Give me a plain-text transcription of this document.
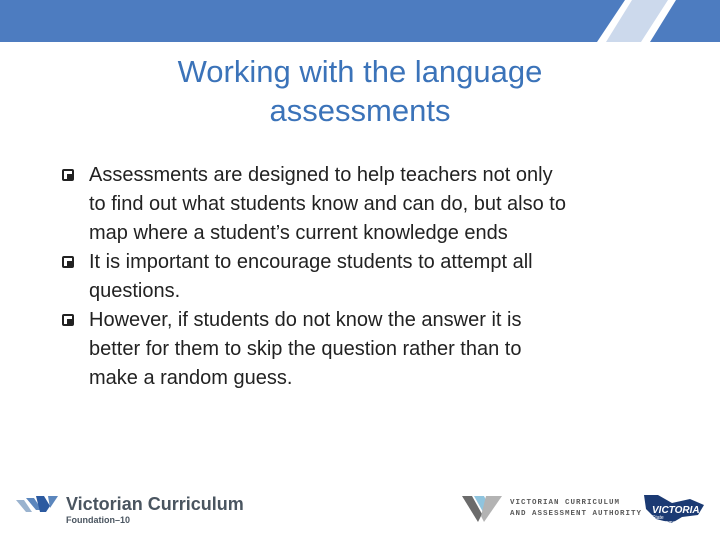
Working with the language
assessments
Assessments are designed to help teachers not only
to find out what students know and can do, but also to
map where a student’s current knowledge ends
It is important to encourage students to attempt all
questions.
However, if students do not know the answer it is
better for them to skip the question rather than to
make a random guess.
Victorian Curriculum
Foundation–10
VICTORIAN CURRICULUM
AND ASSESSMENT AUTHORITY VICTORIA
State
Government
